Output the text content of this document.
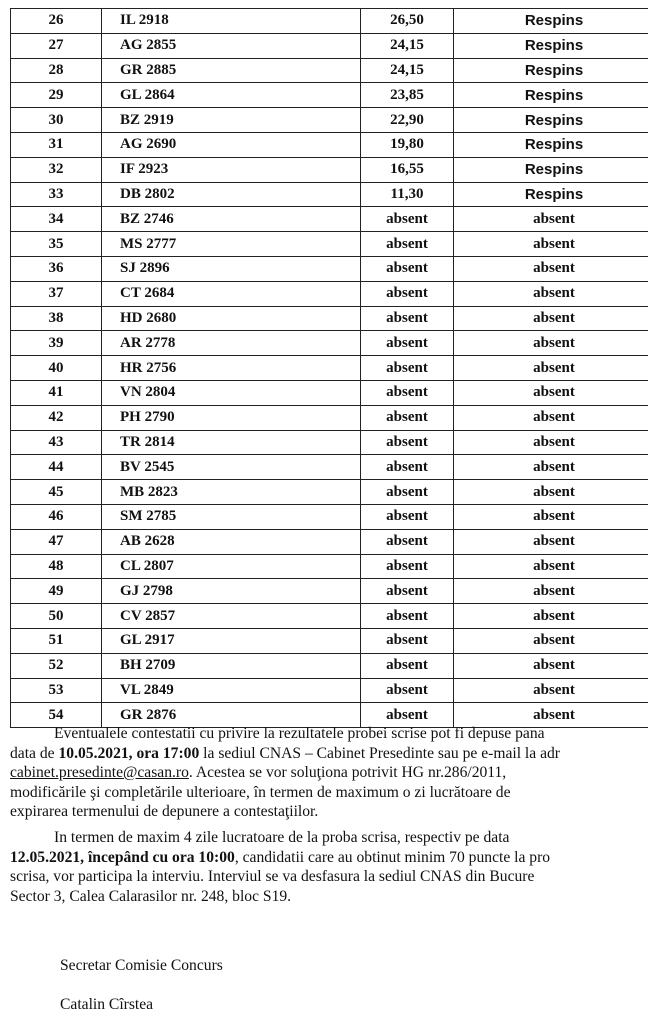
26	IL 2918	26,50	Respins
27	AG 2855	24,15	Respins
28	GR 2885	24,15	Respins
29	GL 2864	23,85	Respins
30	BZ 2919	22,90	Respins
31	AG 2690	19,80	Respins
32	IF 2923	16,55	Respins
33	DB 2802	11,30	Respins
34	BZ 2746	absent	absent
35	MS 2777	absent	absent
36	SJ 2896	absent	absent
37	CT 2684	absent	absent
38	HD 2680	absent	absent
39	AR 2778	absent	absent
40	HR 2756	absent	absent
41	VN 2804	absent	absent
42	PH 2790	absent	absent
43	TR 2814	absent	absent
44	BV 2545	absent	absent
45	MB 2823	absent	absent
46	SM 2785	absent	absent
47	AB 2628	absent	absent
48	CL 2807	absent	absent
49	GJ 2798	absent	absent
50	CV 2857	absent	absent
51	GL 2917	absent	absent
52	BH 2709	absent	absent
53	VL 2849	absent	absent
54	GR 2876	absent	absent
Eventualele contestatii cu privire la rezultatele probei scrise pot fi depuse pana
data de 10.05.2021, ora 17:00 la sediul CNAS – Cabinet Presedinte sau pe e-mail la adr
cabinet.presedinte@casan.ro. Acestea se vor soluţiona potrivit HG nr.286/2011,
modificările şi completările ulterioare, în termen de maximum o zi lucrătoare de
expirarea termenului de depunere a contestaţiilor.
In termen de maxim 4 zile lucratoare de la proba scrisa, respectiv pe data
12.05.2021, începând cu ora 10:00, candidatii care au obtinut minim 70 puncte la pro
scrisa, vor participa la interviu. Interviul se va desfasura la sediul CNAS din Bucure
Sector 3, Calea Calarasilor nr. 248, bloc S19.
Secretar Comisie Concurs
Catalin Cîrstea
